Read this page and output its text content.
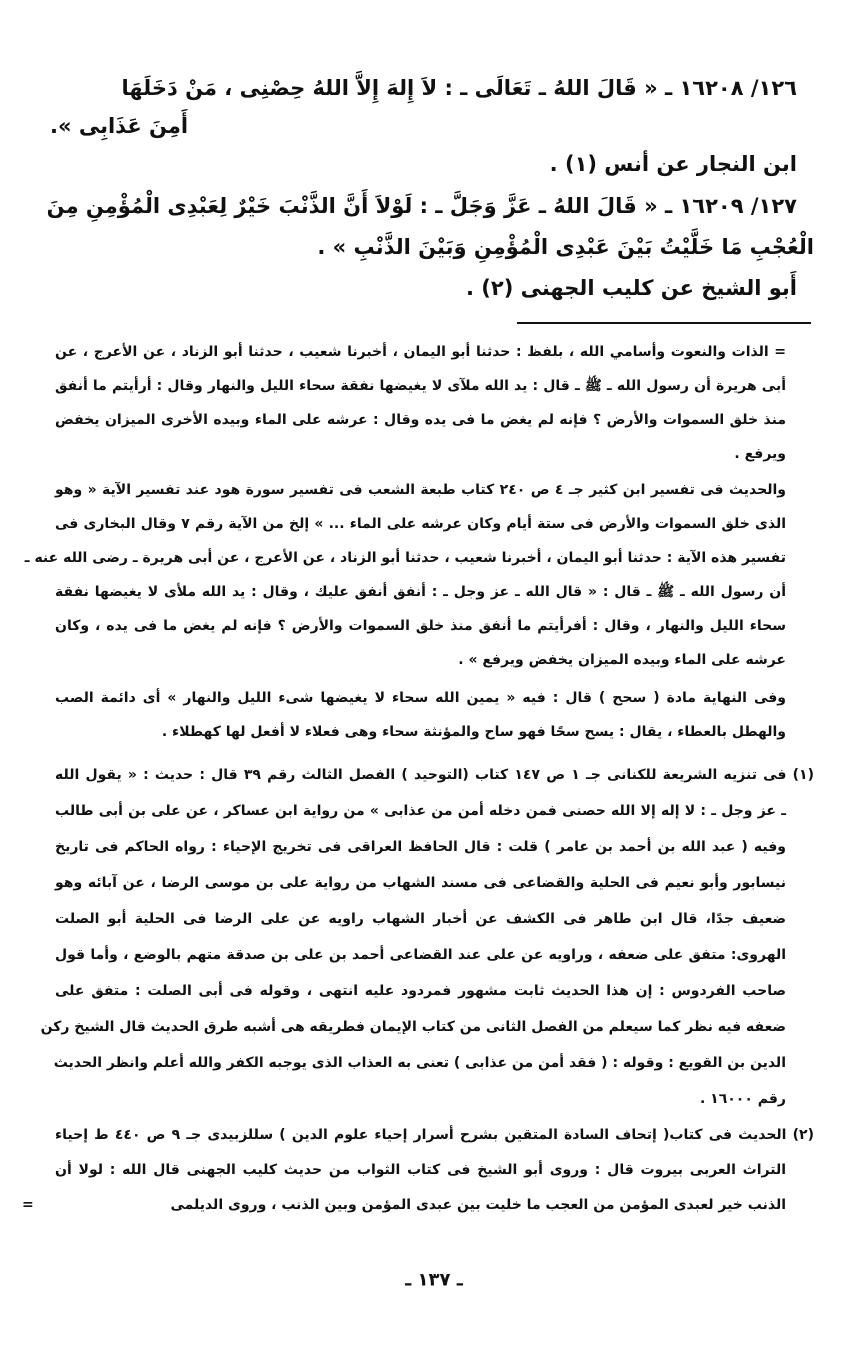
١٢٦/ ١٦٢٠٨ ـ « قَالَ اللهُ ـ تَعَالَى ـ : لاَ إِلهَ إِلاَّ اللهُ حِصْنِى ، مَنْ دَخَلَهَا
أَمِنَ عَذَابِى ».
ابن النجار عن أنس (١) .
١٢٧/ ١٦٢٠٩ ـ « قَالَ اللهُ ـ عَزَّ وَجَلَّ ـ : لَوْلاَ أَنَّ الذَّنْبَ خَيْرٌ لِعَبْدِى الْمُؤْمِنِ مِنَ
الْعُجْبِ مَا خَلَّيْتُ بَيْنَ عَبْدِى الْمُؤْمِنِ وَبَيْنَ الذَّنْبِ » .
أَبو الشيخ عن كليب الجهنى (٢) .
= الذات والنعوت وأسامي الله ، بلفظ : حدثنا أبو اليمان ، أخبرنا شعيب ، حدثنا أبو الزناد ، عن الأعرج ، عن
أبى هريرة أن رسول الله ـ ﷺ ـ قال : يد الله ملآى لا يغيضها نفقة سحاء الليل والنهار وقال : أرأيتم ما أنفق
منذ خلق السموات والأرض ؟ فإنه لم يغض ما فى يده وقال : عرشه على الماء وبيده الأخرى الميزان يخفض
ويرفع .
والحديث فى تفسير ابن كثير جـ ٤ ص ٢٤٠ كتاب طبعة الشعب فى تفسير سورة هود عند تفسير الآية « وهو
الذى خلق السموات والأرض فى ستة أيام وكان عرشه على الماء ... » إلخ من الآية رقم ٧ وقال البخارى فى
تفسير هذه الآية : حدثنا أبو اليمان ، أخبرنا شعيب ، حدثنا أبو الزناد ، عن الأعرج ، عن أبى هريرة ـ رضى الله عنه ـ
أن رسول الله ـ ﷺ ـ قال : « قال الله ـ عز وجل ـ : أنفق أنفق عليك ، وقال : يد الله ملأى لا يغيضها نفقة
سحاء الليل والنهار ، وقال : أفرأيتم ما أنفق منذ خلق السموات والأرض ؟ فإنه لم يغض ما فى يده ، وكان
عرشه على الماء وبيده الميزان يخفض ويرفع » .
وفى النهاية مادة ( سحح ) قال : فيه « يمين الله سحاء لا يغيضها شىء الليل والنهار » أى دائمة الصب
والهطل بالعطاء ، يقال : يسح سحًا فهو ساح والمؤنثة سحاء وهى فعلاء لا أفعل لها كهطلاء .
(١) فى تنزيه الشريعة للكنانى جـ ١ ص ١٤٧ كتاب (التوحيد ) الفصل الثالث رقم ٣٩ قال : حديث : « يقول الله
ـ عز وجل ـ : لا إله إلا الله حصنى فمن دخله أمن من عذابى » من رواية ابن عساكر ، عن على بن أبى طالب
وفيه ( عبد الله بن أحمد بن عامر ) قلت : قال الحافظ العراقى فى تخريج الإحياء : رواه الحاكم فى تاريخ
نيسابور وأبو نعيم فى الحلية والقضاعى فى مسند الشهاب من رواية على بن موسى الرضا ، عن آبائه وهو
ضعيف جدًا، قال ابن طاهر فى الكشف عن أخبار الشهاب راويه عن على الرضا فى الحلية أبو الصلت
الهروى: متفق على ضعفه ، وراويه عن على عند القضاعى أحمد بن على بن صدقة متهم بالوضع ، وأما قول
صاحب الفردوس : إن هذا الحديث ثابت مشهور فمردود عليه انتهى ، وقوله فى أبى الصلت : متفق على
ضعفه فيه نظر كما سيعلم من الفصل الثانى من كتاب الإيمان فطريقه هى أشبه طرق الحديث قال الشيخ ركن
الدين بن القويع : وقوله : ( فقد أمن من عذابى ) تعنى به العذاب الذى يوجبه الكفر والله أعلم وانظر الحديث
رقم ١٦٠٠٠ .
(٢) الحديث فى كتاب( إتحاف السادة المتقين بشرح أسرار إحياء علوم الدين ) سللزبيدى جـ ٩ ص ٤٤٠ ط إحياء
التراث العربى بيروت قال : وروى أبو الشيخ فى كتاب الثواب من حديث كليب الجهنى قال الله : لولا أن
الذنب خير لعبدى المؤمن من العجب ما خليت بين عبدى المؤمن وبين الذنب ، وروى الديلمى
=
ـ ١٣٧ ـ
